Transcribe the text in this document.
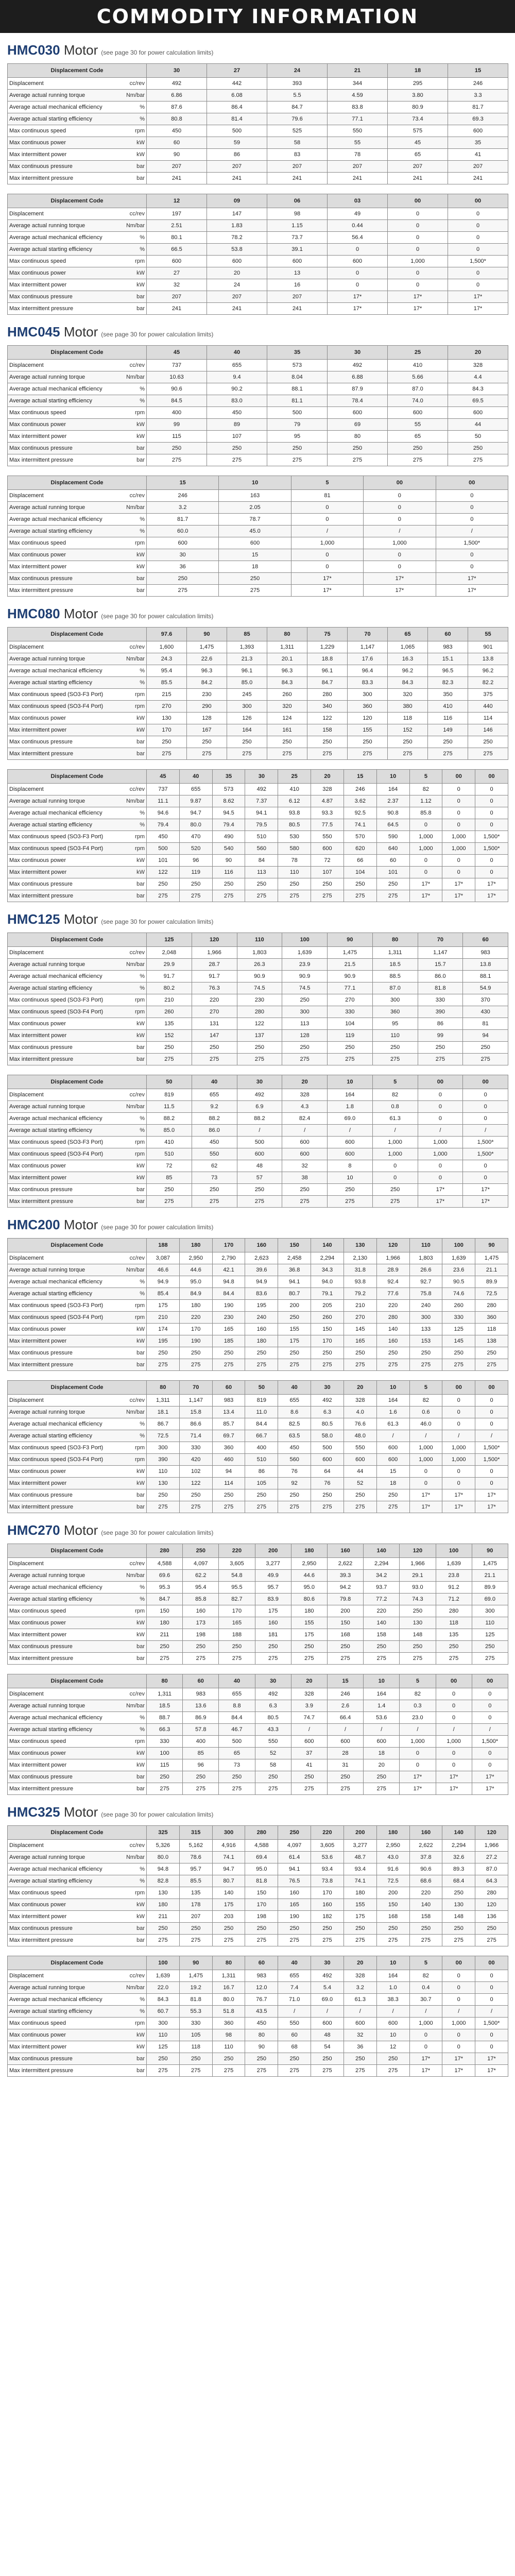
COMMODITY INFORMATION
HMC030 Motor (see page 30 for power calculation limits)
Displacement Code	30	27	24	21	18	15

Displacement cc/rev	492	442	393	344	295	246

Average actual running torque Nm/bar	6.86	6.08	5.5	4.59	3.80	3.3

Average actual mechanical efficiency %	87.6	86.4	84.7	83.8	80.9	81.7

Average actual starting efficiency %	80.8	81.4	79.6	77.1	73.4	69.3

Max continuous speed rpm	450	500	525	550	575	600

Max continuous power kW	60	59	58	55	45	35

Max intermittent power kW	90	86	83	78	65	41

Max continuous pressure bar	207	207	207	207	207	207

Max intermittent pressure bar	241	241	241	241	241	241
Displacement Code	12	09	06	03	00	00

Displacement cc/rev	197	147	98	49	0	0

Average actual running torque Nm/bar	2.51	1.83	1.15	0.44	0	0

Average actual mechanical efficiency %	80.1	78.2	73.7	56.4	0	0

Average actual starting efficiency %	66.5	53.8	39.1	0	0	0

Max continuous speed rpm	600	600	600	600	1,000	1,500*

Max continuous power kW	27	20	13	0	0	0

Max intermittent power kW	32	24	16	0	0	0

Max continuous pressure bar	207	207	207	17*	17*	17*

Max intermittent pressure bar	241	241	241	17*	17*	17*
HMC045 Motor (see page 30 for power calculation limits)
Displacement Code	45	40	35	30	25	20

Displacement cc/rev	737	655	573	492	410	328

Average actual running torque Nm/bar	10.63	9.4	8.04	6.88	5.66	4.4

Average actual mechanical efficiency %	90.6	90.2	88.1	87.9	87.0	84.3

Average actual starting efficiency %	84.5	83.0	81.1	78.4	74.0	69.5

Max continuous speed rpm	400	450	500	600	600	600

Max continuous power kW	99	89	79	69	55	44

Max intermittent power kW	115	107	95	80	65	50

Max continuous pressure bar	250	250	250	250	250	250

Max intermittent pressure bar	275	275	275	275	275	275
Displacement Code	15	10	5	00	00

Displacement cc/rev	246	163	81	0	0

Average actual running torque Nm/bar	3.2	2.05	0	0	0

Average actual mechanical efficiency %	81.7	78.7	0	0	0

Average actual starting efficiency %	60.0	45.0	/	/	/

Max continuous speed rpm	600	600	1,000	1,000	1,500*

Max continuous power kW	30	15	0	0	0

Max intermittent power kW	36	18	0	0	0

Max continuous pressure bar	250	250	17*	17*	17*

Max intermittent pressure bar	275	275	17*	17*	17*
HMC080 Motor (see page 30 for power calculation limits)
Displacement Code	97.6	90	85	80	75	70	65	60	55

Displacement cc/rev	1,600	1,475	1,393	1,311	1,229	1,147	1,065	983	901

Average actual running torque Nm/bar	24.3	22.6	21.3	20.1	18.8	17.6	16.3	15.1	13.8

Average actual mechanical efficiency %	95.4	96.3	96.1	96.3	96.1	96.4	96.2	96.5	96.2

Average actual starting efficiency %	85.5	84.2	85.0	84.3	84.7	83.3	84.3	82.3	82.2

Max continuous speed (SO3-F3 Port) rpm	215	230	245	260	280	300	320	350	375

Max continuous speed (SO3-F4 Port) rpm	270	290	300	320	340	360	380	410	440

Max continuous power kW	130	128	126	124	122	120	118	116	114

Max intermittent power kW	170	167	164	161	158	155	152	149	146

Max continuous pressure bar	250	250	250	250	250	250	250	250	250

Max intermittent pressure bar	275	275	275	275	275	275	275	275	275
Displacement Code	45	40	35	30	25	20	15	10	5	00	00

Displacement cc/rev	737	655	573	492	410	328	246	164	82	0	0

Average actual running torque Nm/bar	11.1	9.87	8.62	7.37	6.12	4.87	3.62	2.37	1.12	0	0

Average actual mechanical efficiency %	94.6	94.7	94.5	94.1	93.8	93.3	92.5	90.8	85.8	0	0

Average actual starting efficiency %	79.4	80.0	79.4	79.5	80.5	77.5	74.1	64.5	0	0	0

Max continuous speed (SO3-F3 Port) rpm	450	470	490	510	530	550	570	590	1,000	1,000	1,500*

Max continuous speed (SO3-F4 Port) rpm	500	520	540	560	580	600	620	640	1,000	1,000	1,500*

Max continuous power kW	101	96	90	84	78	72	66	60	0	0	0

Max intermittent power kW	122	119	116	113	110	107	104	101	0	0	0

Max continuous pressure bar	250	250	250	250	250	250	250	250	17*	17*	17*

Max intermittent pressure bar	275	275	275	275	275	275	275	275	17*	17*	17*
HMC125 Motor (see page 30 for power calculation limits)
Displacement Code	125	120	110	100	90	80	70	60

Displacement cc/rev	2,048	1,966	1,803	1,639	1,475	1,311	1,147	983

Average actual running torque Nm/bar	29.9	28.7	26.3	23.9	21.5	18.5	15.7	13.8

Average actual mechanical efficiency %	91.7	91.7	90.9	90.9	90.9	88.5	86.0	88.1

Average actual starting efficiency %	80.2	76.3	74.5	74.5	77.1	87.0	81.8	54.9

Max continuous speed (SO3-F3 Port) rpm	210	220	230	250	270	300	330	370

Max continuous speed (SO3-F4 Port) rpm	260	270	280	300	330	360	390	430

Max continuous power kW	135	131	122	113	104	95	86	81

Max intermittent power kW	152	147	137	128	119	110	99	94

Max continuous pressure bar	250	250	250	250	250	250	250	250

Max intermittent pressure bar	275	275	275	275	275	275	275	275
Displacement Code	50	40	30	20	10	5	00	00

Displacement cc/rev	819	655	492	328	164	82	0	0

Average actual running torque Nm/bar	11.5	9.2	6.9	4.3	1.8	0.8	0	0

Average actual mechanical efficiency %	88.2	88.2	88.2	82.4	69.0	61.3	0	0

Average actual starting efficiency %	85.0	86.0	/	/	/	/	/	/

Max continuous speed (SO3-F3 Port) rpm	410	450	500	600	600	1,000	1,000	1,500*

Max continuous speed (SO3-F4 Port) rpm	510	550	600	600	600	1,000	1,000	1,500*

Max continuous power kW	72	62	48	32	8	0	0	0

Max intermittent power kW	85	73	57	38	10	0	0	0

Max continuous pressure bar	250	250	250	250	250	250	17*	17*

Max intermittent pressure bar	275	275	275	275	275	275	17*	17*
HMC200 Motor (see page 30 for power calculation limits)
Displacement Code	188	180	170	160	150	140	130	120	110	100	90

Displacement cc/rev	3,087	2,950	2,790	2,623	2,458	2,294	2,130	1,966	1,803	1,639	1,475

Average actual running torque Nm/bar	46.6	44.6	42.1	39.6	36.8	34.3	31.8	28.9	26.6	23.6	21.1

Average actual mechanical efficiency %	94.9	95.0	94.8	94.9	94.1	94.0	93.8	92.4	92.7	90.5	89.9

Average actual starting efficiency %	85.4	84.9	84.4	83.6	80.7	79.1	79.2	77.6	75.8	74.6	72.5

Max continuous speed (SO3-F3 Port) rpm	175	180	190	195	200	205	210	220	240	260	280

Max continuous speed (SO3-F4 Port) rpm	210	220	230	240	250	260	270	280	300	330	360

Max continuous power kW	174	170	165	160	155	150	145	140	133	125	118

Max intermittent power kW	195	190	185	180	175	170	165	160	153	145	138

Max continuous pressure bar	250	250	250	250	250	250	250	250	250	250	250

Max intermittent pressure bar	275	275	275	275	275	275	275	275	275	275	275
Displacement Code	80	70	60	50	40	30	20	10	5	00	00

Displacement cc/rev	1,311	1,147	983	819	655	492	328	164	82	0	0

Average actual running torque Nm/bar	18.1	15.8	13.4	11.0	8.6	6.3	4.0	1.6	0.6	0	0

Average actual mechanical efficiency %	86.7	86.6	85.7	84.4	82.5	80.5	76.6	61.3	46.0	0	0

Average actual starting efficiency %	72.5	71.4	69.7	66.7	63.5	58.0	48.0	/	/	/	/

Max continuous speed (SO3-F3 Port) rpm	300	330	360	400	450	500	550	600	1,000	1,000	1,500*

Max continuous speed (SO3-F4 Port) rpm	390	420	460	510	560	600	600	600	1,000	1,000	1,500*

Max continuous power kW	110	102	94	86	76	64	44	15	0	0	0

Max intermittent power kW	130	122	114	105	92	76	52	18	0	0	0

Max continuous pressure bar	250	250	250	250	250	250	250	250	17*	17*	17*

Max intermittent pressure bar	275	275	275	275	275	275	275	275	17*	17*	17*
HMC270 Motor (see page 30 for power calculation limits)
Displacement Code	280	250	220	200	180	160	140	120	100	90

Displacement cc/rev	4,588	4,097	3,605	3,277	2,950	2,622	2,294	1,966	1,639	1,475

Average actual running torque Nm/bar	69.6	62.2	54.8	49.9	44.6	39.3	34.2	29.1	23.8	21.1

Average actual mechanical efficiency %	95.3	95.4	95.5	95.7	95.0	94.2	93.7	93.0	91.2	89.9

Average actual starting efficiency %	84.7	85.8	82.7	83.9	80.6	79.8	77.2	74.3	71.2	69.0

Max continuous speed rpm	150	160	170	175	180	200	220	250	280	300

Max continuous power kW	180	173	165	160	155	150	140	130	118	110

Max intermittent power kW	211	198	188	181	175	168	158	148	135	125

Max continuous pressure bar	250	250	250	250	250	250	250	250	250	250

Max intermittent pressure bar	275	275	275	275	275	275	275	275	275	275
Displacement Code	80	60	40	30	20	15	10	5	00	00

Displacement cc/rev	1,311	983	655	492	328	246	164	82	0	0

Average actual running torque Nm/bar	18.5	13.6	8.8	6.3	3.9	2.6	1.4	0.3	0	0

Average actual mechanical efficiency %	88.7	86.9	84.4	80.5	74.7	66.4	53.6	23.0	0	0

Average actual starting efficiency %	66.3	57.8	46.7	43.3	/	/	/	/	/	/

Max continuous speed rpm	330	400	500	550	600	600	600	1,000	1,000	1,500*

Max continuous power kW	100	85	65	52	37	28	18	0	0	0

Max intermittent power kW	115	96	73	58	41	31	20	0	0	0

Max continuous pressure bar	250	250	250	250	250	250	250	17*	17*	17*

Max intermittent pressure bar	275	275	275	275	275	275	275	17*	17*	17*
HMC325 Motor (see page 30 for power calculation limits)
Displacement Code	325	315	300	280	250	220	200	180	160	140	120

Displacement cc/rev	5,326	5,162	4,916	4,588	4,097	3,605	3,277	2,950	2,622	2,294	1,966

Average actual running torque Nm/bar	80.0	78.6	74.1	69.4	61.4	53.6	48.7	43.0	37.8	32.6	27.2

Average actual mechanical efficiency %	94.8	95.7	94.7	95.0	94.1	93.4	93.4	91.6	90.6	89.3	87.0

Average actual starting efficiency %	82.8	85.5	80.7	81.8	76.5	73.8	74.1	72.5	68.6	68.4	64.3

Max continuous speed rpm	130	135	140	150	160	170	180	200	220	250	280

Max continuous power kW	180	178	175	170	165	160	155	150	140	130	120

Max intermittent power kW	211	207	203	198	190	182	175	168	158	148	136

Max continuous pressure bar	250	250	250	250	250	250	250	250	250	250	250

Max intermittent pressure bar	275	275	275	275	275	275	275	275	275	275	275
Displacement Code	100	90	80	60	40	30	20	10	5	00	00

Displacement cc/rev	1,639	1,475	1,311	983	655	492	328	164	82	0	0

Average actual running torque Nm/bar	22.0	19.2	16.7	12.0	7.4	5.4	3.2	1.0	0.4	0	0

Average actual mechanical efficiency %	84.3	81.8	80.0	76.7	71.0	69.0	61.3	38.3	30.7	0	0

Average actual starting efficiency %	60.7	55.3	51.8	43.5	/	/	/	/	/	/	/

Max continuous speed rpm	300	330	360	450	550	600	600	600	1,000	1,000	1,500*

Max continuous power kW	110	105	98	80	60	48	32	10	0	0	0

Max intermittent power kW	125	118	110	90	68	54	36	12	0	0	0

Max continuous pressure bar	250	250	250	250	250	250	250	250	17*	17*	17*

Max intermittent pressure bar	275	275	275	275	275	275	275	275	17*	17*	17*
